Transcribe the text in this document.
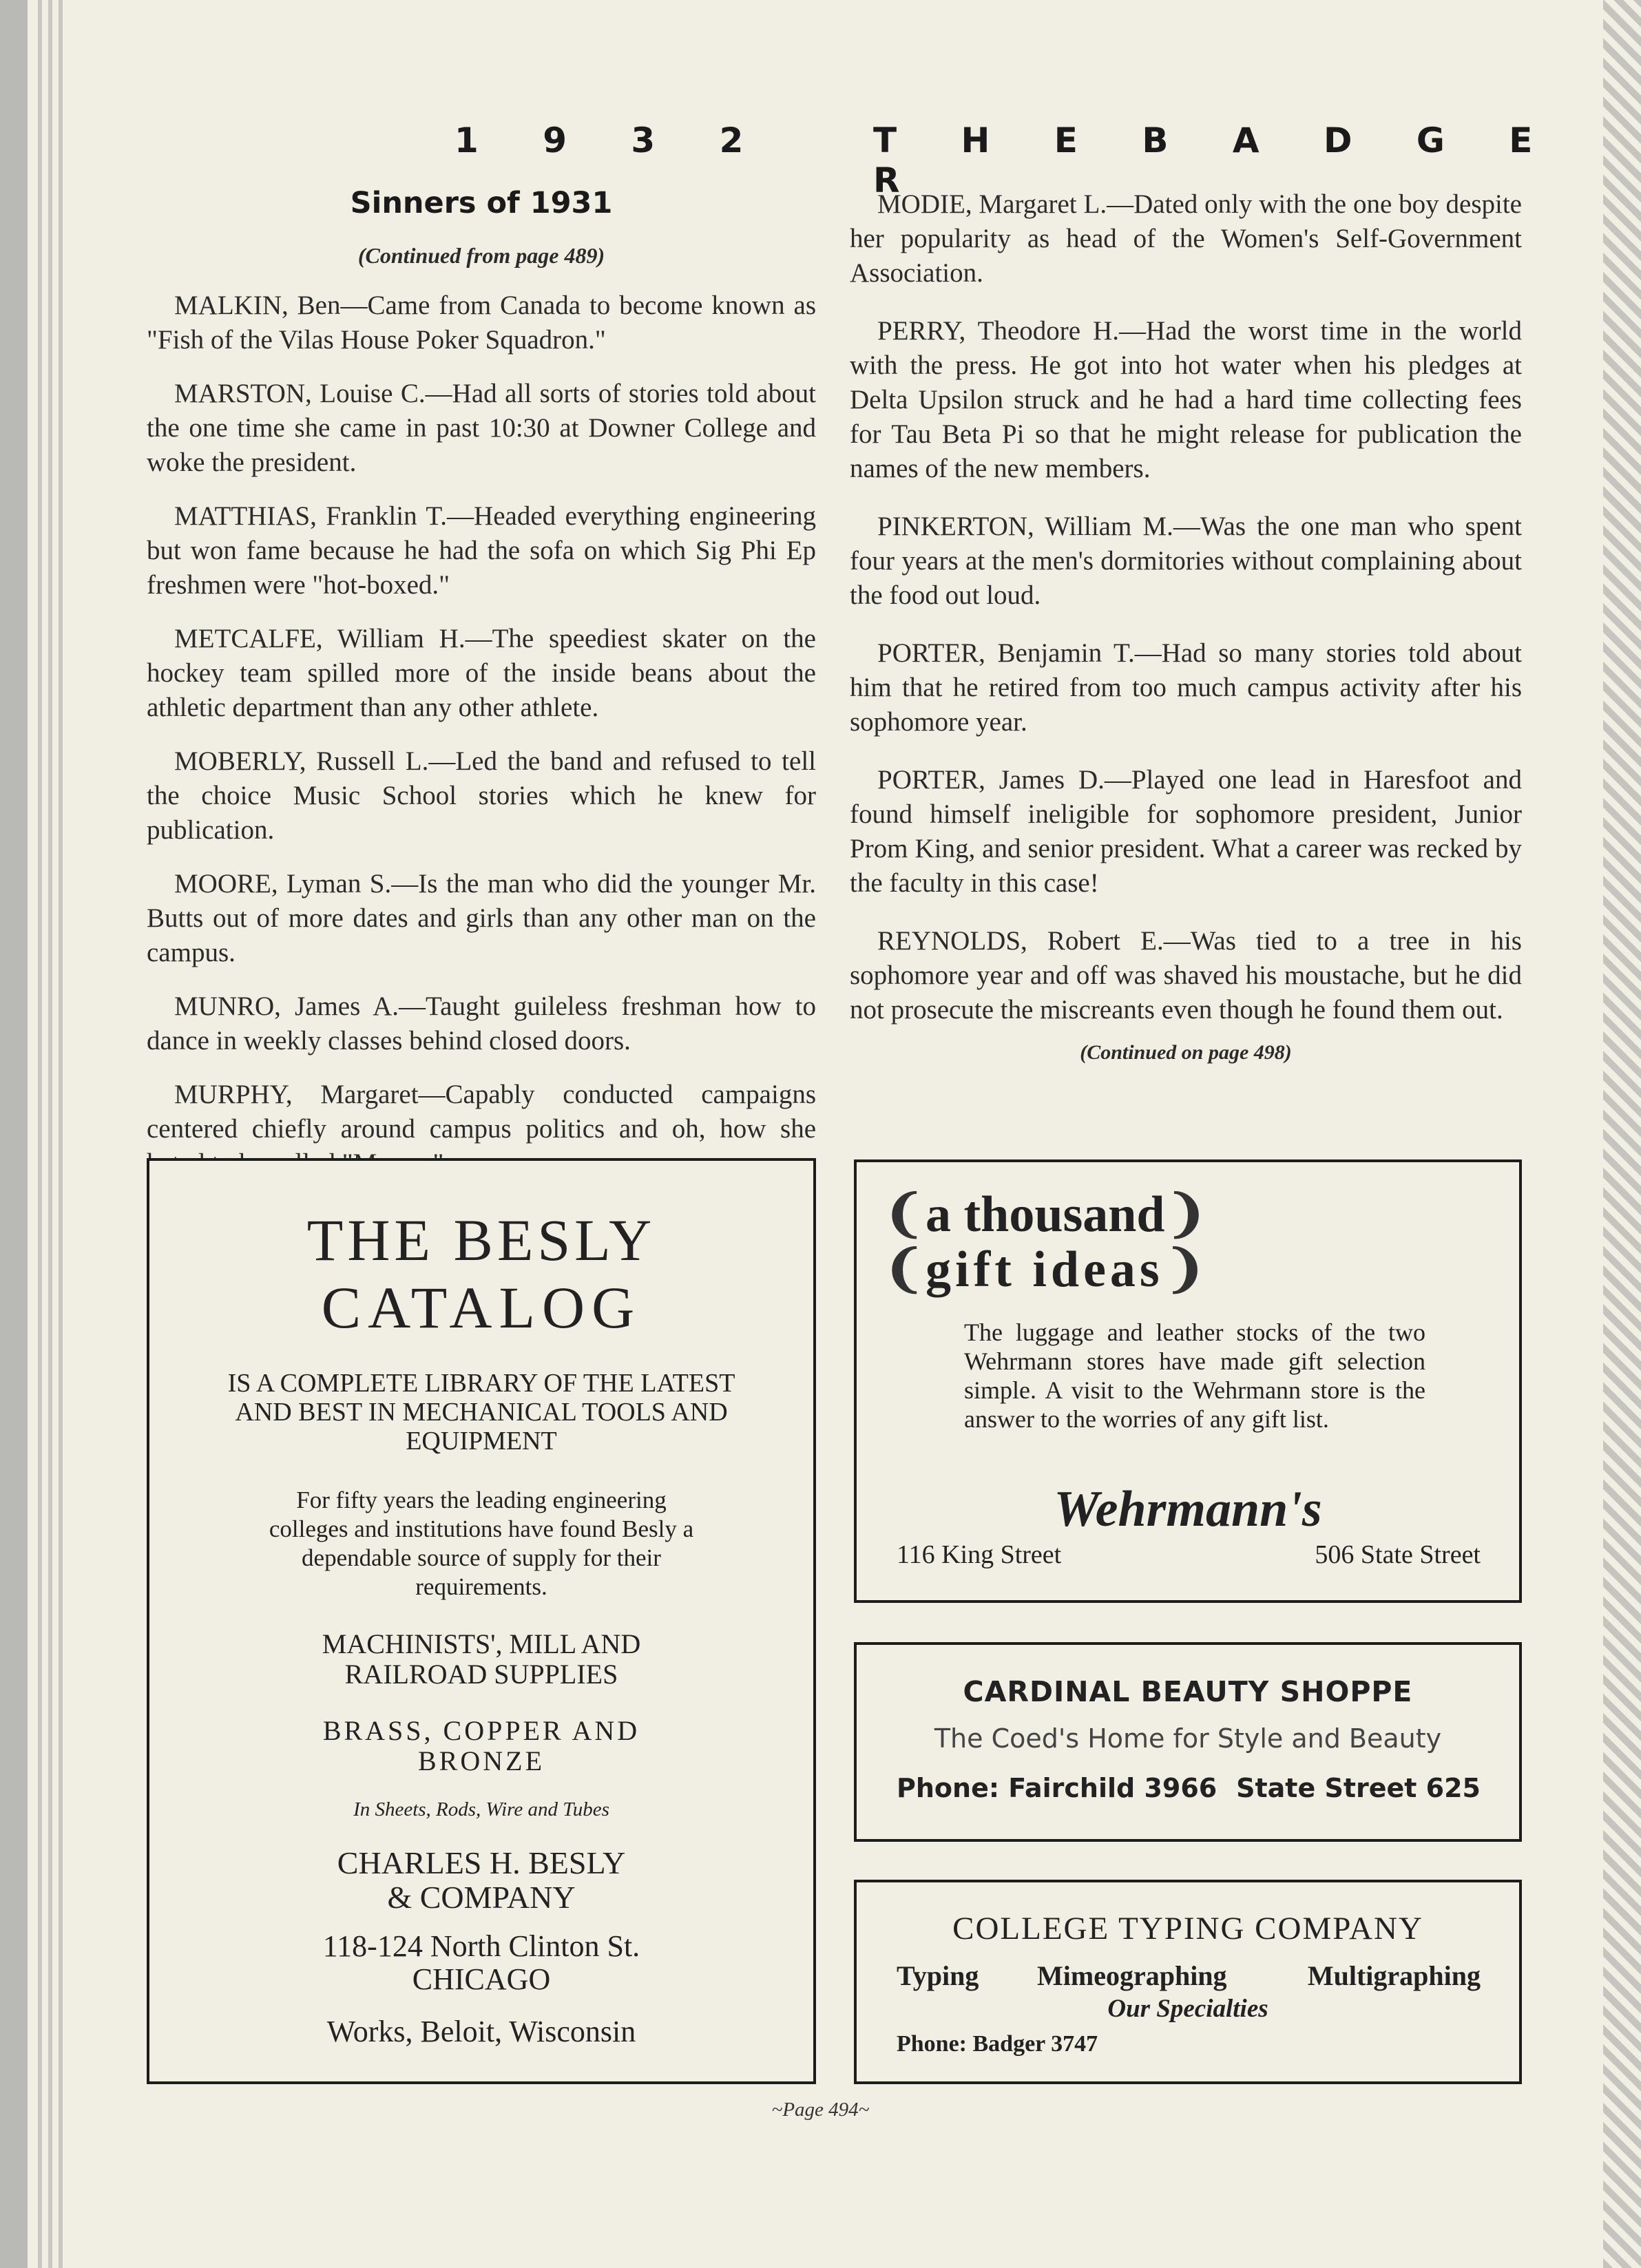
1 9 3 2	T H E B A D G E R

Sinners of 1931

(Continued from page 489)

MALKIN, Ben—Came from Canada to become known as "Fish of the Vilas House Poker Squadron."

MARSTON, Louise C.—Had all sorts of stories told about the one time she came in past 10:30 at Downer College and woke the president.

MATTHIAS, Franklin T.—Headed everything engineering but won fame because he had the sofa on which Sig Phi Ep freshmen were "hot-boxed."

METCALFE, William H.—The speediest skater on the hockey team spilled more of the inside beans about the athletic department than any other athlete.

MOBERLY, Russell L.—Led the band and refused to tell the choice Music School stories which he knew for publication.

MOORE, Lyman S.—Is the man who did the younger Mr. Butts out of more dates and girls than any other man on the campus.

MUNRO, James A.—Taught guileless freshman how to dance in weekly classes behind closed doors.

MURPHY, Margaret—Capably conducted campaigns centered chiefly around campus politics and oh, how she

MODIE, Margaret L.—Dated only with the one boy despite her popularity as head of the Women's Self-Government Association.

PERRY, Theodore H.—Had the worst time in the world with the press. He got into hot water when his pledges at Delta Upsilon struck and he had a hard time collecting fees for Tau Beta Pi so that he might release for publication the names of the new members.

PINKERTON, William M.—Was the one man who spent four years at the men's dormitories without complaining about the food out loud.

PORTER, Benjamin T.—Had so many stories told about him that he retired from too much campus activity after his sophomore year.

PORTER, James D.—Played one lead in Haresfoot and found himself ineligible for sophomore president, Junior Prom King, and senior president. What a career was recked by the faculty in this case!

REYNOLDS, Robert E.—Was tied to a tree in his sophomore year and off was shaved his moustache, but he did not prosecute the miscreants even though he found them out.

(Continued on page 498)
THE BESLY
CATALOG
IS A COMPLETE LIBRARY OF THE LATEST AND BEST IN MECHANICAL TOOLS AND EQUIPMENT
For fifty years the leading engineering colleges and institutions have found Besly a dependable source of supply for their requirements.
MACHINISTS', MILL AND RAILROAD SUPPLIES
BRASS, COPPER AND BRONZE
In Sheets, Rods, Wire and Tubes
CHARLES H. BESLY
& COMPANY
118-124 North Clinton St.
CHICAGO
Works, Beloit, Wisconsin
❨a thousand❩
❨gift ideas❩
The luggage and leather stocks of the two Wehrmann stores have made gift selection simple. A visit to the Wehrmann store is the answer to the worries of any gift list.
Wehrmann's
116 King Street	506 State Street
CARDINAL BEAUTY SHOPPE
The Coed's Home for Style and Beauty
Phone: Fairchild 3966 State Street 625
COLLEGE TYPING COMPANY
Typing Mimeographing	Multigraphing
Our Specialties
Phone: Badger 3747
~Page 494~
